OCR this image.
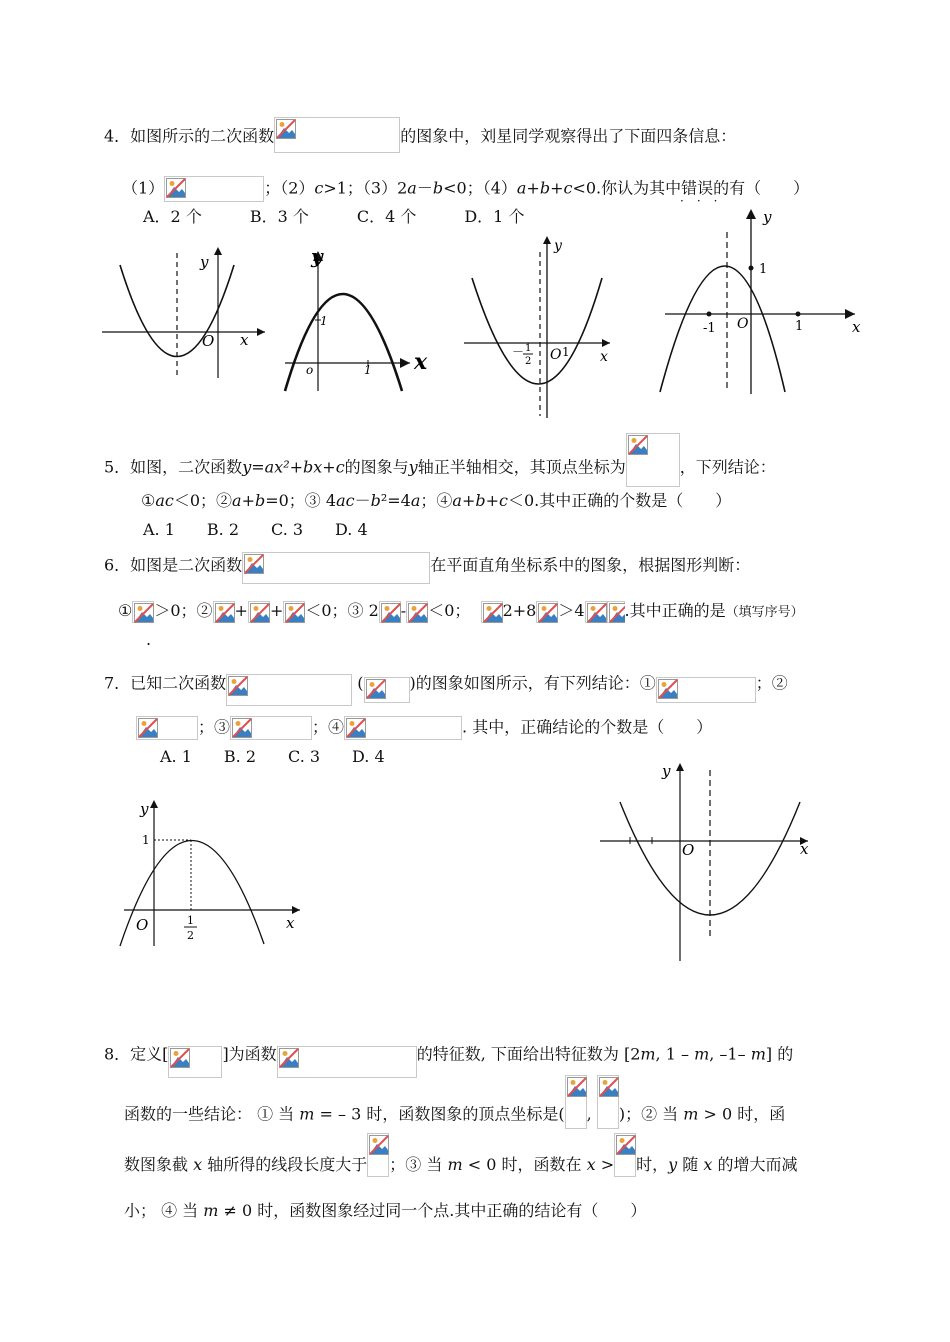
4．如图所示的二次函数	的图象中，刘星同学观察得出了下面四条信息：
（1）	；（2）c>1；（3）2a－b<0；（4）a+b+c<0.你认为其中错误的有（　　）
···
A．2 个　　　B．3 个　　　C．4 个　　　D．1 个
y
x
O
y
x
1
1
o
y
x
O 1
－ 1
2
y
x
O
-1	1
1
5．如图，二次函数y=ax²+bx+c的图象与y轴正半轴相交，其顶点坐标为	，下列结论：
①ac＜0；②a+b=0；③ 4ac－b²=4a；④a+b+c＜0.其中正确的个数是（　　）
A. 1　　B. 2　　C. 3　　D. 4
6．如图是二次函数	在平面直角坐标系中的图象，根据图形判断：
① ＞0；② + + ＜0；③ 2 - ＜0； 2+8 ＞4	.其中正确的是（填写序号）
.
7．已知二次函数	(	)的图象如图所示，有下列结论：①	；②
；③	；④	. 其中，正确结论的个数是（　　）
A. 1　　B. 2　　C. 3　　D. 4
y
x
O
1
1
2
y
x
O
8．定义[	]为函数	的特征数, 下面给出特征数为 [2m, 1 – m, –1– m] 的
函数的一些结论： ① 当 m = – 3 时，函数图象的顶点坐标是( , )；② 当 m > 0 时，函
数图象截 x 轴所得的线段长度大于 ；③ 当 m < 0 时，函数在 x > 时，y 随 x 的增大而减
小； ④ 当 m ≠ 0 时，函数图象经过同一个点.其中正确的结论有（　　）
